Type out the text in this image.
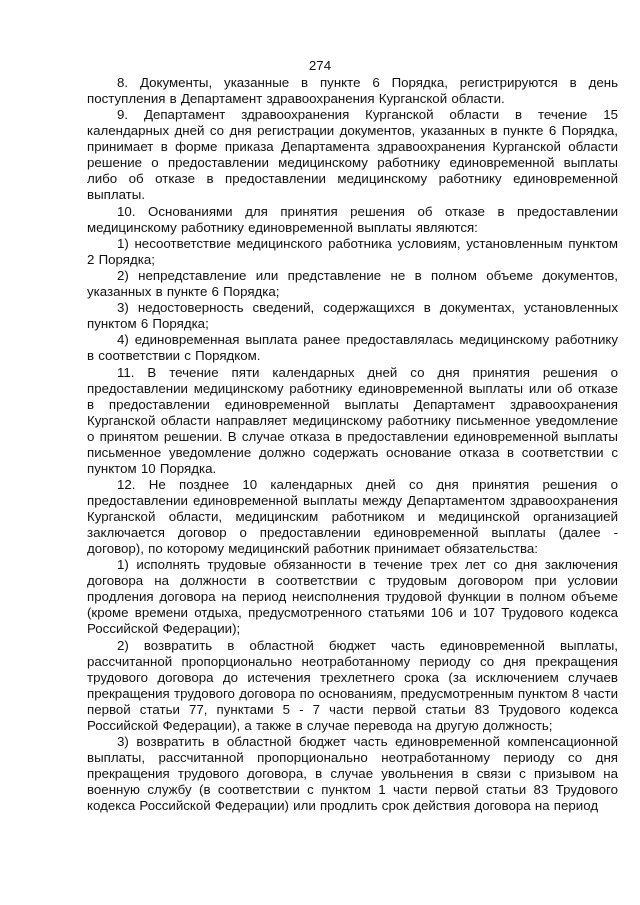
274

8. Документы, указанные в пункте 6 Порядка, регистрируются в день поступления в Департамент здравоохранения Курганской области.

9. Департамент здравоохранения Курганской области в течение 15 календарных дней со дня регистрации документов, указанных в пункте 6 Порядка, принимает в форме приказа Департамента здравоохранения Курганской области решение о предоставлении медицинскому работнику единовременной выплаты либо об отказе в предоставлении медицинскому работнику единовременной выплаты.

10. Основаниями для принятия решения об отказе в предоставлении медицинскому работнику единовременной выплаты являются:

1) несоответствие медицинского работника условиям, установленным пунктом 2 Порядка;

2) непредставление или представление не в полном объеме документов, указанных в пункте 6 Порядка;

3) недостоверность сведений, содержащихся в документах, установленных пунктом 6 Порядка;

4) единовременная выплата ранее предоставлялась медицинскому работнику в соответствии с Порядком.

11. В течение пяти календарных дней со дня принятия решения о предоставлении медицинскому работнику единовременной выплаты или об отказе в предоставлении единовременной выплаты Департамент здравоохранения Курганской области направляет медицинскому работнику письменное уведомление о принятом решении. В случае отказа в предоставлении единовременной выплаты письменное уведомление должно содержать основание отказа в соответствии с пунктом 10 Порядка.

12. Не позднее 10 календарных дней со дня принятия решения о предоставлении единовременной выплаты между Департаментом здравоохранения Курганской области, медицинским работником и медицинской организацией заключается договор о предоставлении единовременной выплаты (далее - договор), по которому медицинский работник принимает обязательства:

1) исполнять трудовые обязанности в течение трех лет со дня заключения договора на должности в соответствии с трудовым договором при условии продления договора на период неисполнения трудовой функции в полном объеме (кроме времени отдыха, предусмотренного статьями 106 и 107 Трудового кодекса Российской Федерации);

2) возвратить в областной бюджет часть единовременной выплаты, рассчитанной пропорционально неотработанному периоду со дня прекращения трудового договора до истечения трехлетнего срока (за исключением случаев прекращения трудового договора по основаниям, предусмотренным пунктом 8 части первой статьи 77, пунктами 5 - 7 части первой статьи 83 Трудового кодекса Российской Федерации), а также в случае перевода на другую должность;

3) возвратить в областной бюджет часть единовременной компенсационной выплаты, рассчитанной пропорционально неотработанному периоду со дня прекращения трудового договора, в случае увольнения в связи с призывом на военную службу (в соответствии с пунктом 1 части первой статьи 83 Трудового кодекса Российской Федерации) или продлить срок действия договора на период
